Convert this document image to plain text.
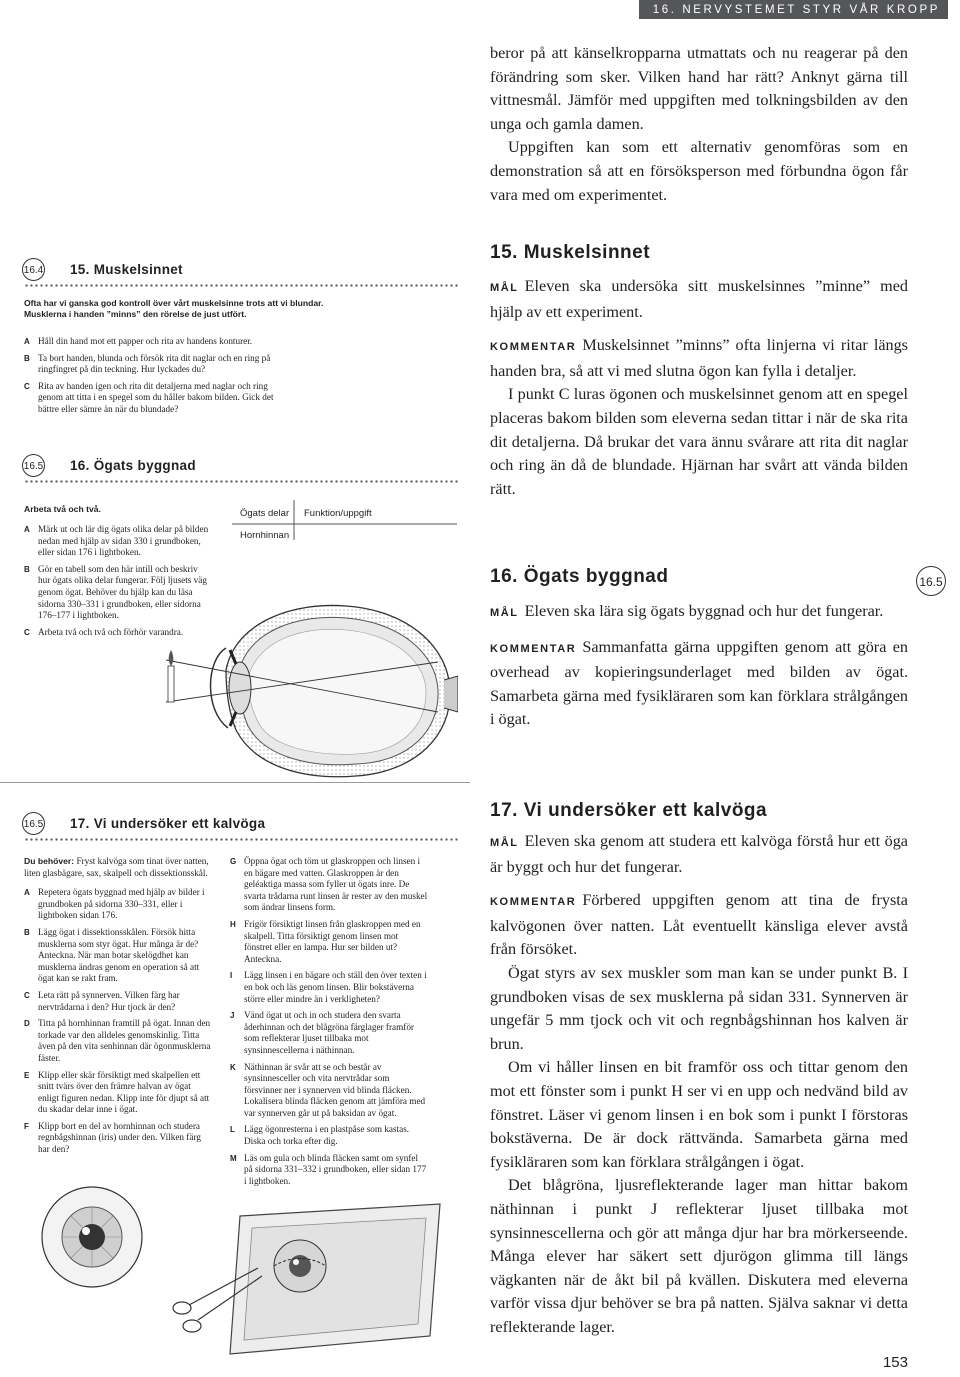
16. NERVYSTEMET STYR VÅR KROPP

beror på att känselkropparna utmattats och nu reagerar på den förändring som sker. Vilken hand har rätt? Anknyt gärna till vittnesmål. Jämför med uppgiften med tolkningsbilden av den unga och gamla damen.

Uppgiften kan som ett alternativ genomföras som en demonstration så att en försöksperson med förbundna ögon får vara med om experimentet.

15. Muskelsinnet

MÅL Eleven ska undersöka sitt muskelsinnes ”minne” med hjälp av ett experiment.

KOMMENTAR Muskelsinnet ”minns” ofta linjerna vi ritar längs handen bra, så att vi med slutna ögon kan fylla i detaljer.

I punkt C luras ögonen och muskelsinnet genom att en spegel placeras bakom bilden som eleverna sedan tittar i när de ska rita dit detaljerna. Då brukar det vara ännu svårare att rita dit naglar och ring än då de blundade. Hjärnan har svårt att vända bilden rätt.

16. Ögats byggnad	16.5

MÅL Eleven ska lära sig ögats byggnad och hur det fungerar.

KOMMENTAR Sammanfatta gärna uppgiften genom att göra en overhead av kopieringsunderlaget med bilden av ögat. Samarbeta gärna med fysikläraren som kan förklara strålgången i ögat.

17. Vi undersöker ett kalvöga

MÅL Eleven ska genom att studera ett kalvöga förstå hur ett öga är byggt och hur det fungerar.

KOMMENTAR Förbered uppgiften genom att tina de frysta kalvögonen över natten. Låt eventuellt känsliga elever avstå från försöket.

Ögat styrs av sex muskler som man kan se under punkt B. I grundboken visas de sex musklerna på sidan 331. Synnerven är ungefär 5 mm tjock och vit och regnbågshinnan hos kalven är brun.

Om vi håller linsen en bit framför oss och tittar genom den mot ett fönster som i punkt H ser vi en upp och nedvänd bild av fönstret. Läser vi genom linsen i en bok som i punkt I förstoras bokstäverna. De är dock rättvända. Samarbeta gärna med fysikläraren som kan förklara strålgången i ögat.

Det blågröna, ljusreflekterande lager man hittar bakom näthinnan i punkt J reflekterar ljuset tillbaka mot synsinnescellerna och gör att många djur har bra mörkerseende. Många elever har säkert sett djurögon glimma till längs vägkanten när de åkt bil på kvällen. Diskutera med eleverna varför vissa djur behöver se bra på natten. Själva saknar vi detta reflekterande lager.

153
16.4 15. Muskelsinnet
Ofta har vi ganska god kontroll över vårt muskelsinne trots att vi blundar.
Musklerna i handen ”minns” den rörelse de just utfört.
A Håll din hand mot ett papper och rita av handens konturer.
B Ta bort handen, blunda och försök rita dit naglar och en ring på ringfingret på din teckning. Hur lyckades du?
C Rita av handen igen och rita dit detaljerna med naglar och ring genom att titta i en spegel som du håller bakom bilden. Gick det bättre eller sämre än när du blundade?
16.5 16. Ögats byggnad
Arbeta två och två.
A Märk ut och lär dig ögats olika delar på bilden nedan med hjälp av sidan 330 i grundboken, eller sidan 176 i lightboken.
B Gör en tabell som den här intill och beskriv hur ögats olika delar fungerar. Följ ljusets väg genom ögat. Behöver du hjälp kan du läsa sidorna 330–331 i grundboken, eller sidorna 176–177 i lightboken.
C Arbeta två och två och förhör varandra.
Ögats delar Funktion/uppgift
Hornhinnan
16.5 17. Vi undersöker ett kalvöga

Du behöver: Fryst kalvöga som tinat över natten, liten glasbägare, sax, skalpell och dissektionsskål.

A Repetera ögats byggnad med hjälp av bilder i grundboken på sidorna 330–331, eller i lightboken sidan 176.
B Lägg ögat i dissektionsskålen. Försök hitta musklerna som styr ögat. Hur många är de? Anteckna. När man botar skelögdhet kan musklerna ändras genom en operation så att ögat kan se rakt fram.
C Leta rätt på synnerven. Vilken färg har nervtrådarna i den? Hur tjock är den?
D Titta på hornhinnan framtill på ögat. Innan den torkade var den alldeles genomskinlig. Titta även på den vita senhinnan där ögonmusklerna fäster.
E Klipp eller skär försiktigt med skalpellen ett snitt tvärs över den främre halvan av ögat enligt figuren nedan. Klipp inte för djupt så att du skadar delar inne i ögat.
F Klipp bort en del av hornhinnan och studera regnbågshinnan (iris) under den. Vilken färg har den?
G Öppna ögat och töm ut glaskroppen och linsen i en bägare med vatten. Glaskroppen är den geléaktiga massa som fyller ut ögats inre. De svarta trådarna runt linsen är rester av den muskel som ändrar linsens form.
H Frigör försiktigt linsen från glaskroppen med en skalpell. Titta försiktigt genom linsen mot fönstret eller en lampa. Hur ser bilden ut? Anteckna.
I Lägg linsen i en bägare och ställ den över texten i en bok och läs genom linsen. Blir bokstäverna större eller mindre än i verkligheten?
J Vänd ögat ut och in och studera den svarta åderhinnan och det blågröna färglager framför som reflekterar ljuset tillbaka mot synsinnescellerna i näthinnan.
K Näthinnan är svår att se och består av synsinnesceller och vita nervtrådar som försvinner ner i synnerven vid blinda fläcken. Lokalisera blinda fläcken genom att jämföra med var synnerven går ut på baksidan av ögat.
L Lägg ögonresterna i en plastpåse som kastas. Diska och torka efter dig.
M Läs om gula och blinda fläcken samt om synfel på sidorna 331–332 i grundboken, eller sidan 177 i lightboken.
